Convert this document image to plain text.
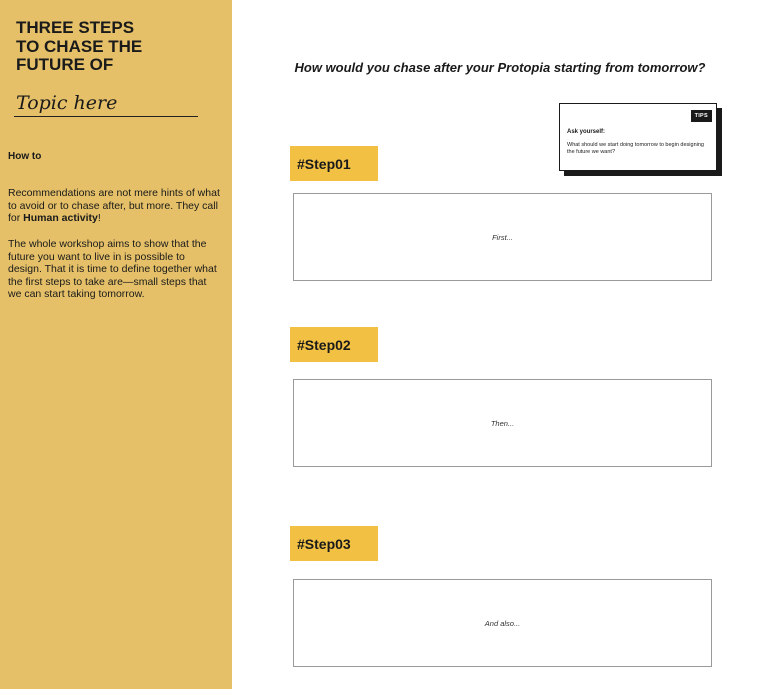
THREE STEPS
TO CHASE THE
FUTURE OF
Topic here
How to

Recommendations are not mere hints of what to avoid or to chase after, but more. They call for Human activity!

The whole workshop aims to show that the future you want to live in is possible to design. That it is time to define together what the first steps to take are—small steps that we can start taking tomorrow.

How would you chase after your Protopia starting from tomorrow?
TIPS
Ask yourself:
What should we start doing tomorrow to begin designing the future we want?
#Step01
First...
#Step02
Then...
#Step03
And also...
